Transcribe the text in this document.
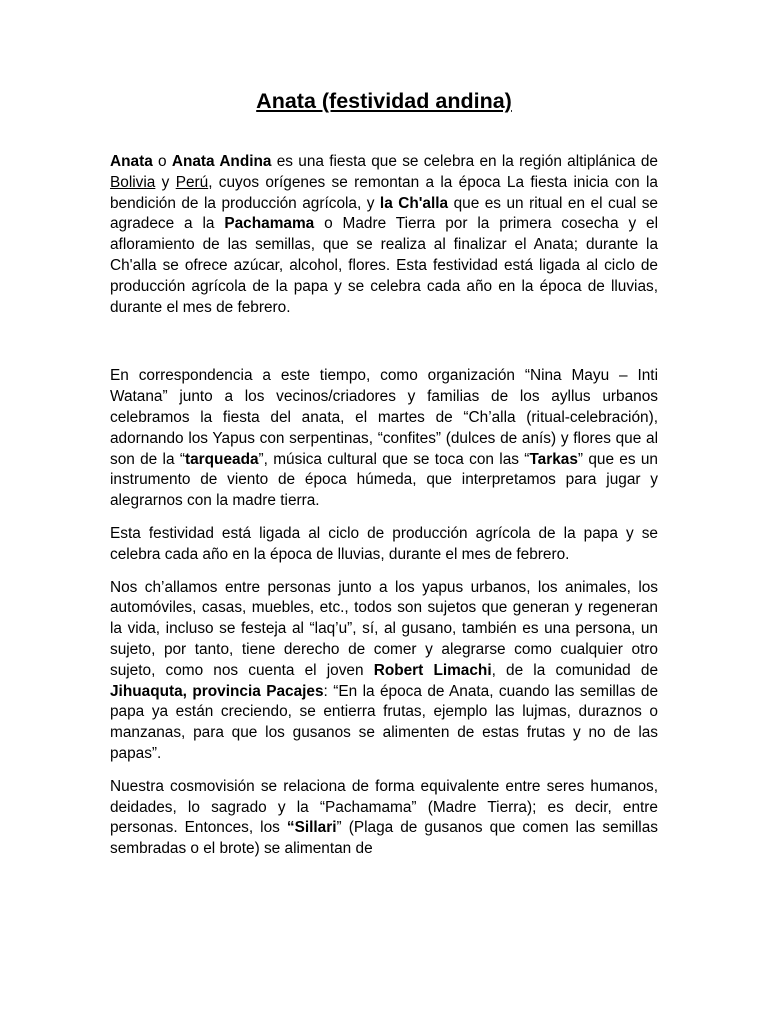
Anata (festividad andina)

Anata o Anata Andina es una fiesta que se celebra en la región altiplánica de Bolivia y Perú, cuyos orígenes se remontan a la época La fiesta inicia con la bendición de la producción agrícola, y la Ch'alla que es un ritual en el cual se agradece a la Pachamama o Madre Tierra por la primera cosecha y el afloramiento de las semillas, que se realiza al finalizar el Anata; durante la Ch'alla se ofrece azúcar, alcohol, flores. Esta festividad está ligada al ciclo de producción agrícola de la papa y se celebra cada año en la época de lluvias, durante el mes de febrero.

En correspondencia a este tiempo, como organización “Nina Mayu – Inti Watana” junto a los vecinos/criadores y familias de los ayllus urbanos celebramos la fiesta del anata, el martes de “Ch’alla (ritual-celebración), adornando los Yapus con serpentinas, “confites” (dulces de anís) y flores que al son de la “tarqueada”, música cultural que se toca con las “Tarkas” que es un instrumento de viento de época húmeda, que interpretamos para jugar y alegrarnos con la madre tierra.

Esta festividad está ligada al ciclo de producción agrícola de la papa y se celebra cada año en la época de lluvias, durante el mes de febrero.

Nos ch’allamos entre personas junto a los yapus urbanos, los animales, los automóviles, casas, muebles, etc., todos son sujetos que generan y regeneran la vida, incluso se festeja al “laq’u”, sí, al gusano, también es una persona, un sujeto, por tanto, tiene derecho de comer y alegrarse como cualquier otro sujeto, como nos cuenta el joven Robert Limachi, de la comunidad de Jihuaquta, provincia Pacajes: “En la época de Anata, cuando las semillas de papa ya están creciendo, se entierra frutas, ejemplo las lujmas, duraznos o manzanas, para que los gusanos se alimenten de estas frutas y no de las papas”.

Nuestra cosmovisión se relaciona de forma equivalente entre seres humanos, deidades, lo sagrado y la “Pachamama” (Madre Tierra); es decir, entre personas. Entonces, los “Sillari” (Plaga de gusanos que comen las semillas sembradas o el brote) se alimentan de
